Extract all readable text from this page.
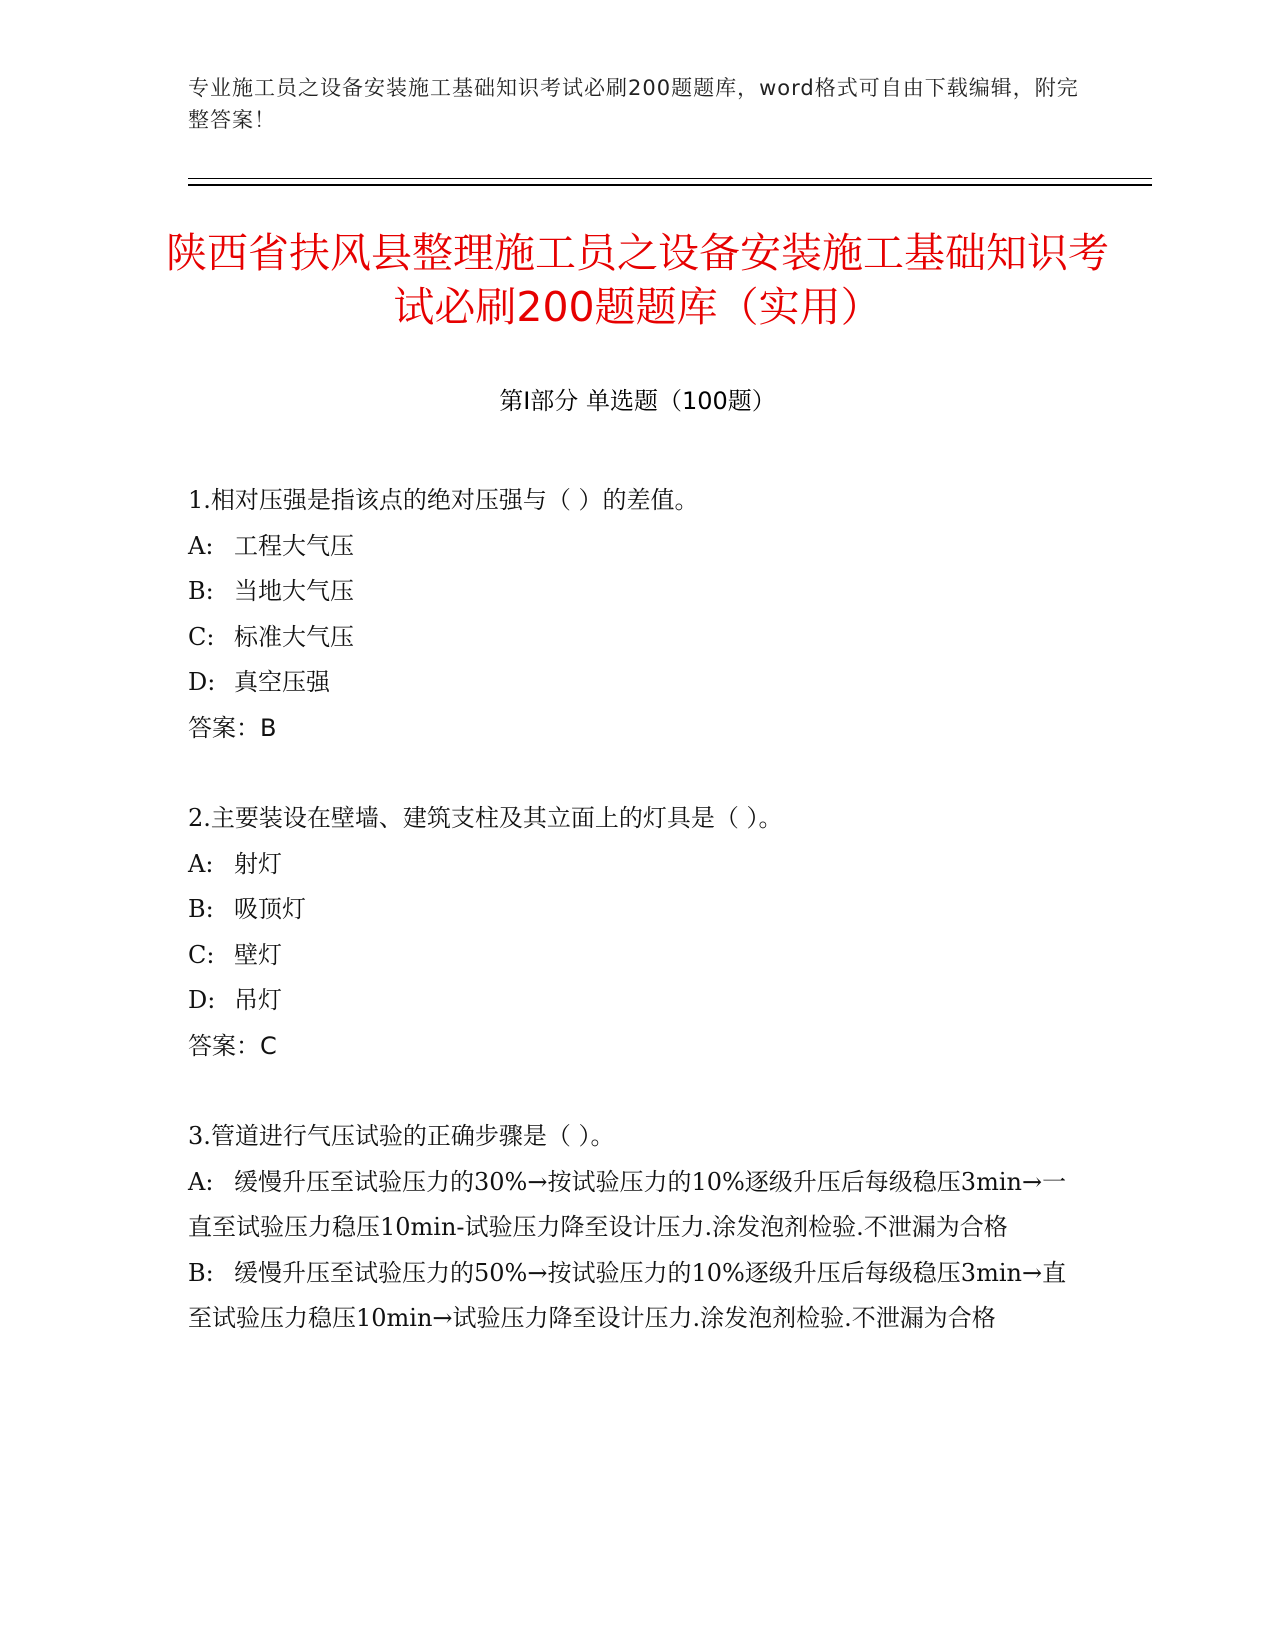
专业施工员之设备安装施工基础知识考试必刷200题题库，word格式可自由下载编辑，附完整答案！
陕西省扶风县整理施工员之设备安装施工基础知识考试必刷200题题库（实用）
第Ⅰ部分 单选题（100题）

1.相对压强是指该点的绝对压强与（ ）的差值。

A: 工程大气压

B: 当地大气压

C: 标准大气压

D: 真空压强

答案：B

2.主要装设在壁墙、建筑支柱及其立面上的灯具是（ ）。

A: 射灯

B: 吸顶灯

C: 壁灯

D: 吊灯

答案：C

3.管道进行气压试验的正确步骤是（ ）。

A: 缓慢升压至试验压力的30%→按试验压力的10%逐级升压后每级稳压3min→一直至试验压力稳压10min-试验压力降至设计压力.涂发泡剂检验.不泄漏为合格

B: 缓慢升压至试验压力的50%→按试验压力的10%逐级升压后每级稳压3min→直至试验压力稳压10min→试验压力降至设计压力.涂发泡剂检验.不泄漏为合格
